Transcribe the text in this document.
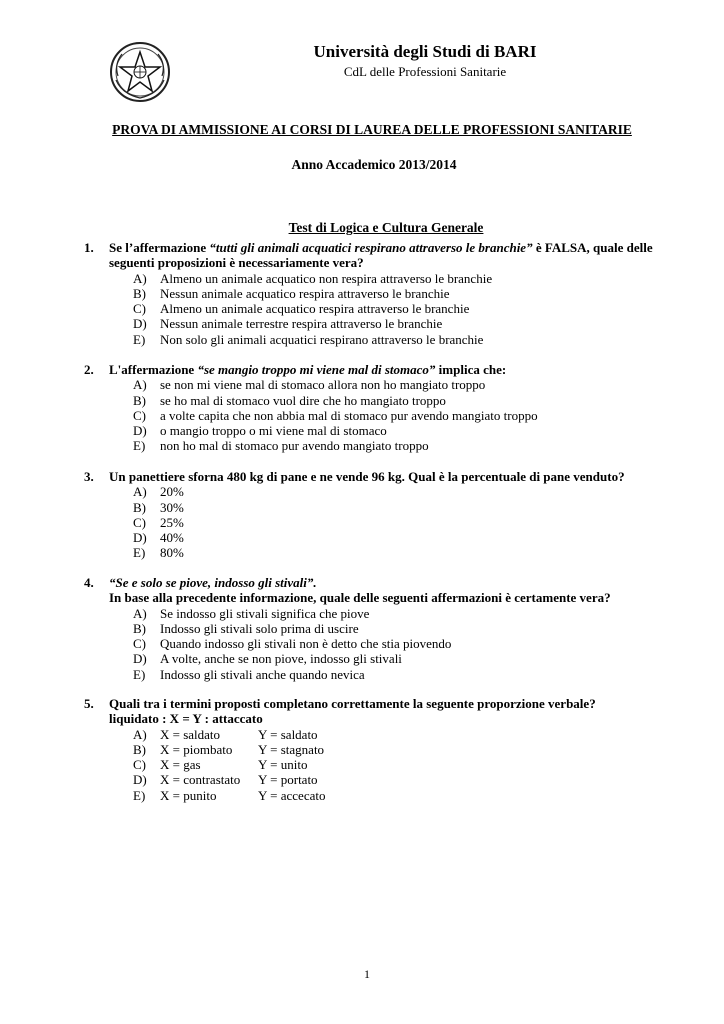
Università degli Studi di BARI
CdL delle Professioni Sanitarie
PROVA DI AMMISSIONE AI CORSI DI LAUREA DELLE PROFESSIONI SANITARIE
Anno Accademico 2013/2014
Test di Logica e Cultura Generale
1. Se l’affermazione “tutti gli animali acquatici respirano attraverso le branchie” è FALSA, quale delle seguenti proposizioni è necessariamente vera?
A) Almeno un animale acquatico non respira attraverso le branchie
B) Nessun animale acquatico respira attraverso le branchie
C) Almeno un animale acquatico respira attraverso le branchie
D) Nessun animale terrestre respira attraverso le branchie
E) Non solo gli animali acquatici respirano attraverso le branchie
2. L'affermazione “se mangio troppo mi viene mal di stomaco” implica che:
A) se non mi viene mal di stomaco allora non ho mangiato troppo
B) se ho mal di stomaco vuol dire che ho mangiato troppo
C) a volte capita che non abbia mal di stomaco pur avendo mangiato troppo
D) o mangio troppo o mi viene mal di stomaco
E) non ho mal di stomaco pur avendo mangiato troppo
3. Un panettiere sforna 480 kg di pane e ne vende 96 kg. Qual è la percentuale di pane venduto?
A) 20%
B) 30%
C) 25%
D) 40%
E) 80%
4. “Se e solo se piove, indosso gli stivali”.
In base alla precedente informazione, quale delle seguenti affermazioni è certamente vera?
A) Se indosso gli stivali significa che piove
B) Indosso gli stivali solo prima di uscire
C) Quando indosso gli stivali non è detto che stia piovendo
D) A volte, anche se non piove, indosso gli stivali
E) Indosso gli stivali anche quando nevica
5. Quali tra i termini proposti completano correttamente la seguente proporzione verbale?
liquidato : X = Y : attaccato
A) X = saldato	Y = saldato
B) X = piombato Y = stagnato
C) X = gas	Y = unito
D) X = contrastato Y = portato
E) X = punito	Y = accecato
1
